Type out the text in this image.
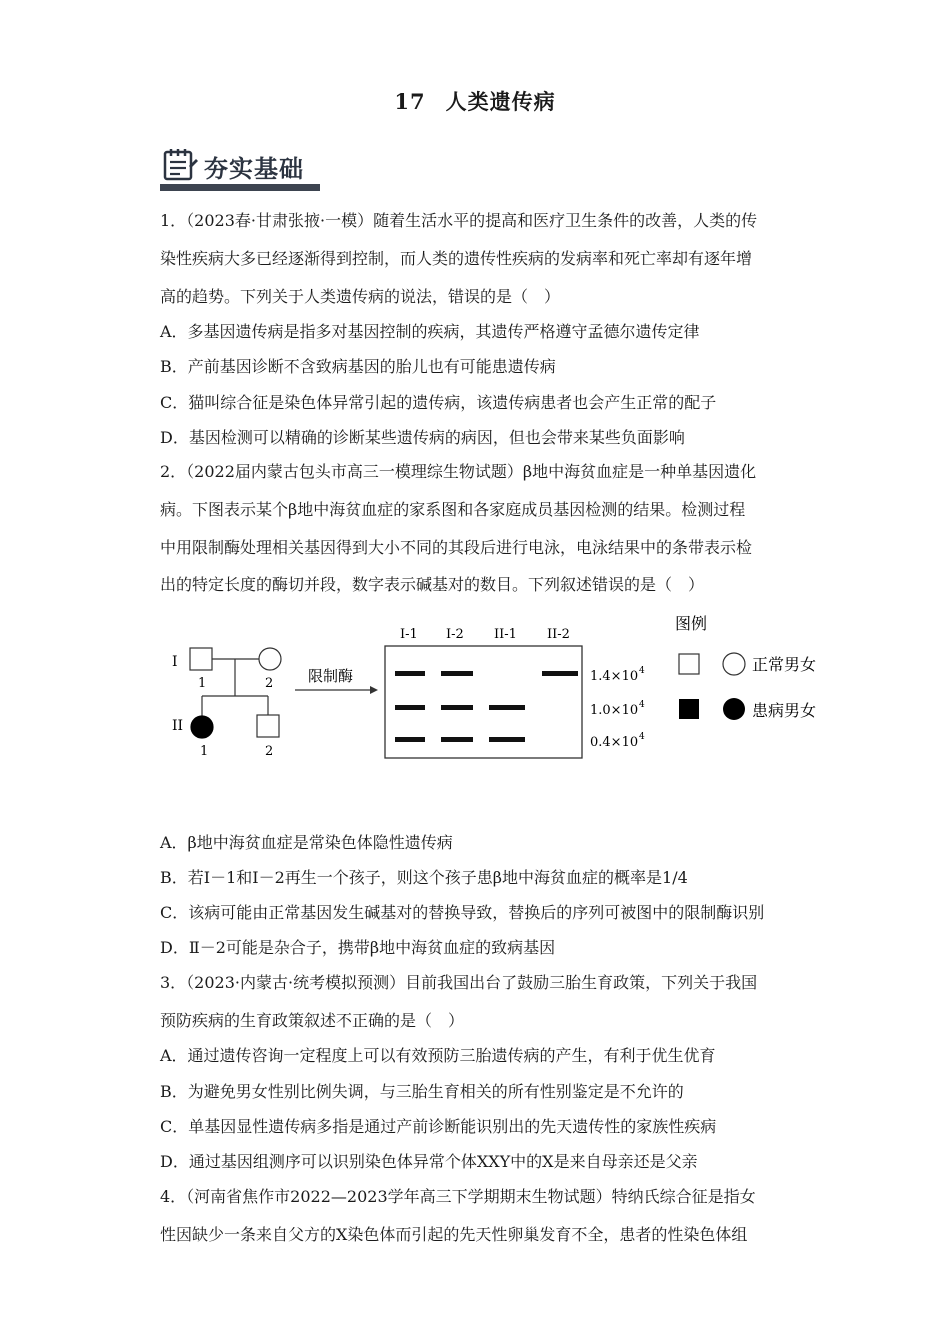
17 人类遗传病
夯实基础
1．（2023春·甘肃张掖·一模）随着生活水平的提高和医疗卫生条件的改善，人类的传
染性疾病大多已经逐渐得到控制，而人类的遗传性疾病的发病率和死亡率却有逐年增
高的趋势。下列关于人类遗传病的说法，错误的是（　）
A．多基因遗传病是指多对基因控制的疾病，其遗传严格遵守孟德尔遗传定律
B．产前基因诊断不含致病基因的胎儿也有可能患遗传病
C．猫叫综合征是染色体异常引起的遗传病，该遗传病患者也会产生正常的配子
D．基因检测可以精确的诊断某些遗传病的病因，但也会带来某些负面影响
2．（2022届内蒙古包头市高三一模理综生物试题）β地中海贫血症是一种单基因遗化
病。下图表示某个β地中海贫血症的家系图和各家庭成员基因检测的结果。检测过程
中用限制酶处理相关基因得到大小不同的其段后进行电泳，电泳结果中的条带表示检
出的特定长度的酶切并段，数字表示碱基对的数目。下列叙述错误的是（　）
A．β地中海贫血症是常染色体隐性遗传病
B．若Ⅰ－1和Ⅰ－2再生一个孩子，则这个孩子患β地中海贫血症的概率是1/4
C．该病可能由正常基因发生碱基对的替换导致，替换后的序列可被图中的限制酶识别
D．Ⅱ－2可能是杂合子，携带β地中海贫血症的致病基因
3．（2023·内蒙古·统考模拟预测）目前我国出台了鼓励三胎生育政策，下列关于我国
预防疾病的生育政策叙述不正确的是（　）
A．通过遗传咨询一定程度上可以有效预防三胎遗传病的产生，有利于优生优育
B．为避免男女性别比例失调，与三胎生育相关的所有性别鉴定是不允许的
C．单基因显性遗传病多指是通过产前诊断能识别出的先天遗传性的家族性疾病
D．通过基因组测序可以识别染色体异常个体XXY中的X是来自母亲还是父亲
4．（河南省焦作市2022—2023学年高三下学期期末生物试题）特纳氏综合征是指女
性因缺少一条来自父方的X染色体而引起的先天性卵巢发育不全，患者的性染色体组
I
1	2
II
1	2
限制酶
I-1 I-2 II-1 II-2
1.4×10 4
1.0×10 4
0.4×10 4
图例
正常男女
患病男女
